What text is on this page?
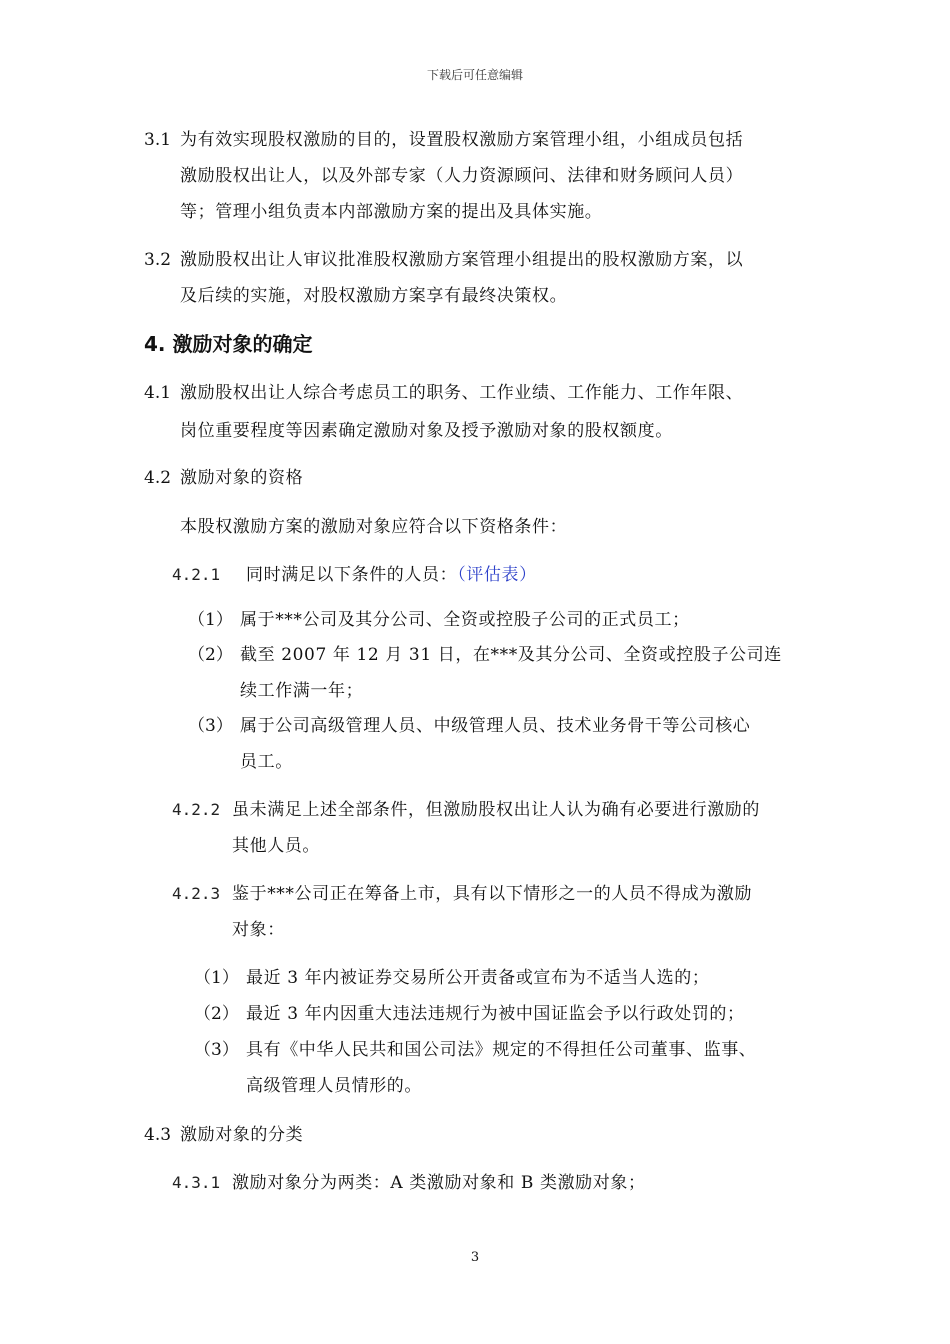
下载后可任意编辑
3.1 为有效实现股权激励的目的，设置股权激励方案管理小组，小组成员包括
激励股权出让人，以及外部专家（人力资源顾问、法律和财务顾问人员）
等；管理小组负责本内部激励方案的提出及具体实施。
3.2 激励股权出让人审议批准股权激励方案管理小组提出的股权激励方案，以
及后续的实施，对股权激励方案享有最终决策权。
4. 激励对象的确定
4.1 激励股权出让人综合考虑员工的职务、工作业绩、工作能力、工作年限、
岗位重要程度等因素确定激励对象及授予激励对象的股权额度。
4.2 激励对象的资格
本股权激励方案的激励对象应符合以下资格条件：
4.2.1 同时满足以下条件的人员：（评估表）
（1） 属于***公司及其分公司、全资或控股子公司的正式员工；
（2） 截至 2007 年 12 月 31 日，在***及其分公司、全资或控股子公司连
续工作满一年；
（3） 属于公司高级管理人员、中级管理人员、技术业务骨干等公司核心
员工。
4.2.2 虽未满足上述全部条件，但激励股权出让人认为确有必要进行激励的
其他人员。
4.2.3 鉴于***公司正在筹备上市，具有以下情形之一的人员不得成为激励
对象：
（1） 最近 3 年内被证券交易所公开责备或宣布为不适当人选的；
（2） 最近 3 年内因重大违法违规行为被中国证监会予以行政处罚的；
（3） 具有《中华人民共和国公司法》规定的不得担任公司董事、监事、
高级管理人员情形的。
4.3 激励对象的分类
4.3.1 激励对象分为两类：A 类激励对象和 B 类激励对象；
3
